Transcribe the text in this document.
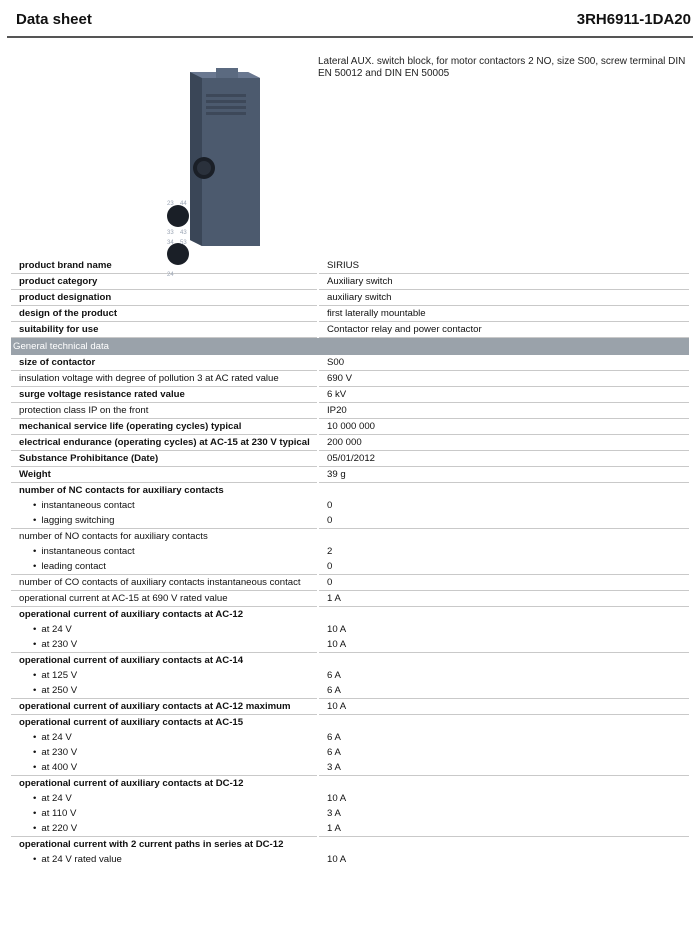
Data sheet	3RH6911-1DA20
23 44
33 43
34 53
24
Lateral AUX. switch block, for motor contactors 2 NO, size S00, screw terminal DIN EN 50012 and DIN EN 50005
product brand name	SIRIUS
product category	Auxiliary switch
product designation	auxiliary switch
design of the product	first laterally mountable
suitability for use	Contactor relay and power contactor
General technical data	
size of contactor	S00
insulation voltage with degree of pollution 3 at AC rated value	690 V
surge voltage resistance rated value	6 kV
protection class IP on the front	IP20
mechanical service life (operating cycles) typical	10 000 000
electrical endurance (operating cycles) at AC-15 at 230 V typical	200 000
Substance Prohibitance (Date)	05/01/2012
Weight	39 g
number of NC contacts for auxiliary contacts	
• instantaneous contact	0
• lagging switching	0
number of NO contacts for auxiliary contacts	
• instantaneous contact	2
• leading contact	0
number of CO contacts of auxiliary contacts instantaneous contact	0
operational current at AC-15 at 690 V rated value	1 A
operational current of auxiliary contacts at AC-12	
• at 24 V	10 A
• at 230 V	10 A
operational current of auxiliary contacts at AC-14	
• at 125 V	6 A
• at 250 V	6 A
operational current of auxiliary contacts at AC-12 maximum	10 A
operational current of auxiliary contacts at AC-15	
• at 24 V	6 A
• at 230 V	6 A
• at 400 V	3 A
operational current of auxiliary contacts at DC-12	
• at 24 V	10 A
• at 110 V	3 A
• at 220 V	1 A
operational current with 2 current paths in series at DC-12	
• at 24 V rated value	10 A
